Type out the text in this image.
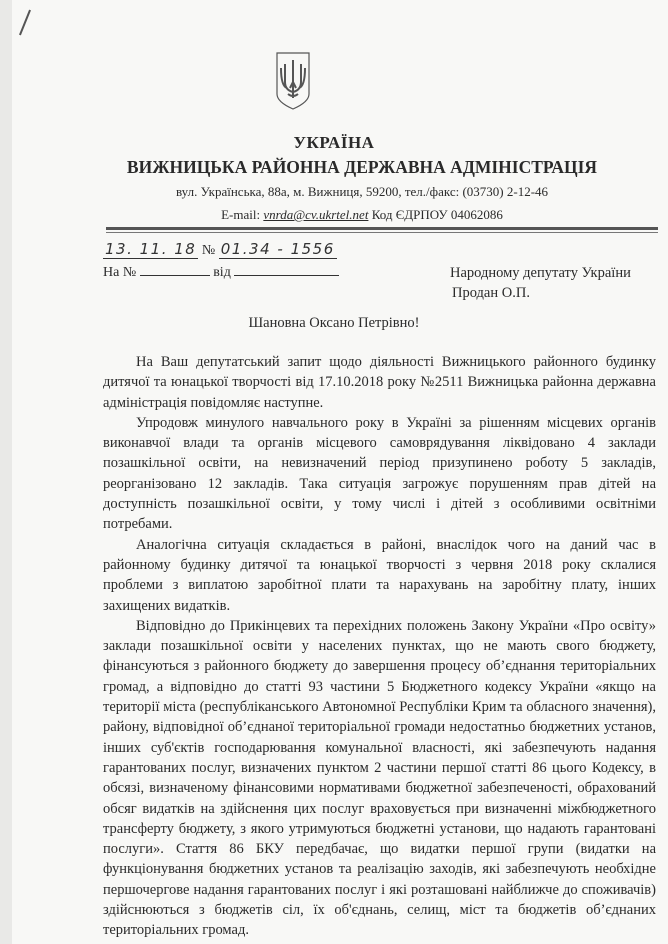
УКРАЇНА
ВИЖНИЦЬКА РАЙОННА ДЕРЖАВНА АДМІНІСТРАЦІЯ
вул. Українська, 88а, м. Вижниця, 59200, тел./факс: (03730) 2-12-46
E-mail: vnrda@cv.ukrtel.net Код ЄДРПОУ 04062086
13. 11. 18 № 01.34 - 1556
На №	від	Народному депутату України
Продан О.П.
Шановна Оксано Петрівно!

На Ваш депутатський запит щодо діяльності Вижницького районного будинку дитячої та юнацької творчості від 17.10.2018 року №2511 Вижницька районна державна адміністрація повідомляє наступне.

Упродовж минулого навчального року в Україні за рішенням місцевих органів виконавчої влади та органів місцевого самоврядування ліквідовано 4 заклади позашкільної освіти, на невизначений період призупинено роботу 5 закладів, реорганізовано 12 закладів. Така ситуація загрожує порушенням прав дітей на доступність позашкільної освіти, у тому числі і дітей з особливими освітніми потребами.

Аналогічна ситуація складається в районі, внаслідок чого на даний час в районному будинку дитячої та юнацької творчості з червня 2018 року склалися проблеми з виплатою заробітної плати та нарахувань на заробітну плату, інших захищених видатків.

Відповідно до Прикінцевих та перехідних положень Закону України «Про освіту» заклади позашкільної освіти у населених пунктах, що не мають свого бюджету, фінансуються з районного бюджету до завершення процесу об’єднання територіальних громад, а відповідно до статті 93 частини 5 Бюджетного кодексу України «якщо на території міста (республіканського Автономної Республіки Крим та обласного значення), району, відповідної об’єднаної територіальної громади недостатньо бюджетних установ, інших суб'єктів господарювання комунальної власності, які забезпечують надання гарантованих послуг, визначених пунктом 2 частини першої статті 86 цього Кодексу, в обсязі, визначеному фінансовими нормативами бюджетної забезпеченості, обрахований обсяг видатків на здійснення цих послуг враховується при визначенні міжбюджетного трансферту бюджету, з якого утримуються бюджетні установи, що надають гарантовані послуги». Стаття 86 БКУ передбачає, що видатки першої групи (видатки на функціонування бюджетних установ та реалізацію заходів, які забезпечують необхідне першочергове надання гарантованих послуг і які розташовані найближче до споживачів) здійснюються з бюджетів сіл, їх об'єднань, селищ, міст та бюджетів об’єднаних територіальних громад.
